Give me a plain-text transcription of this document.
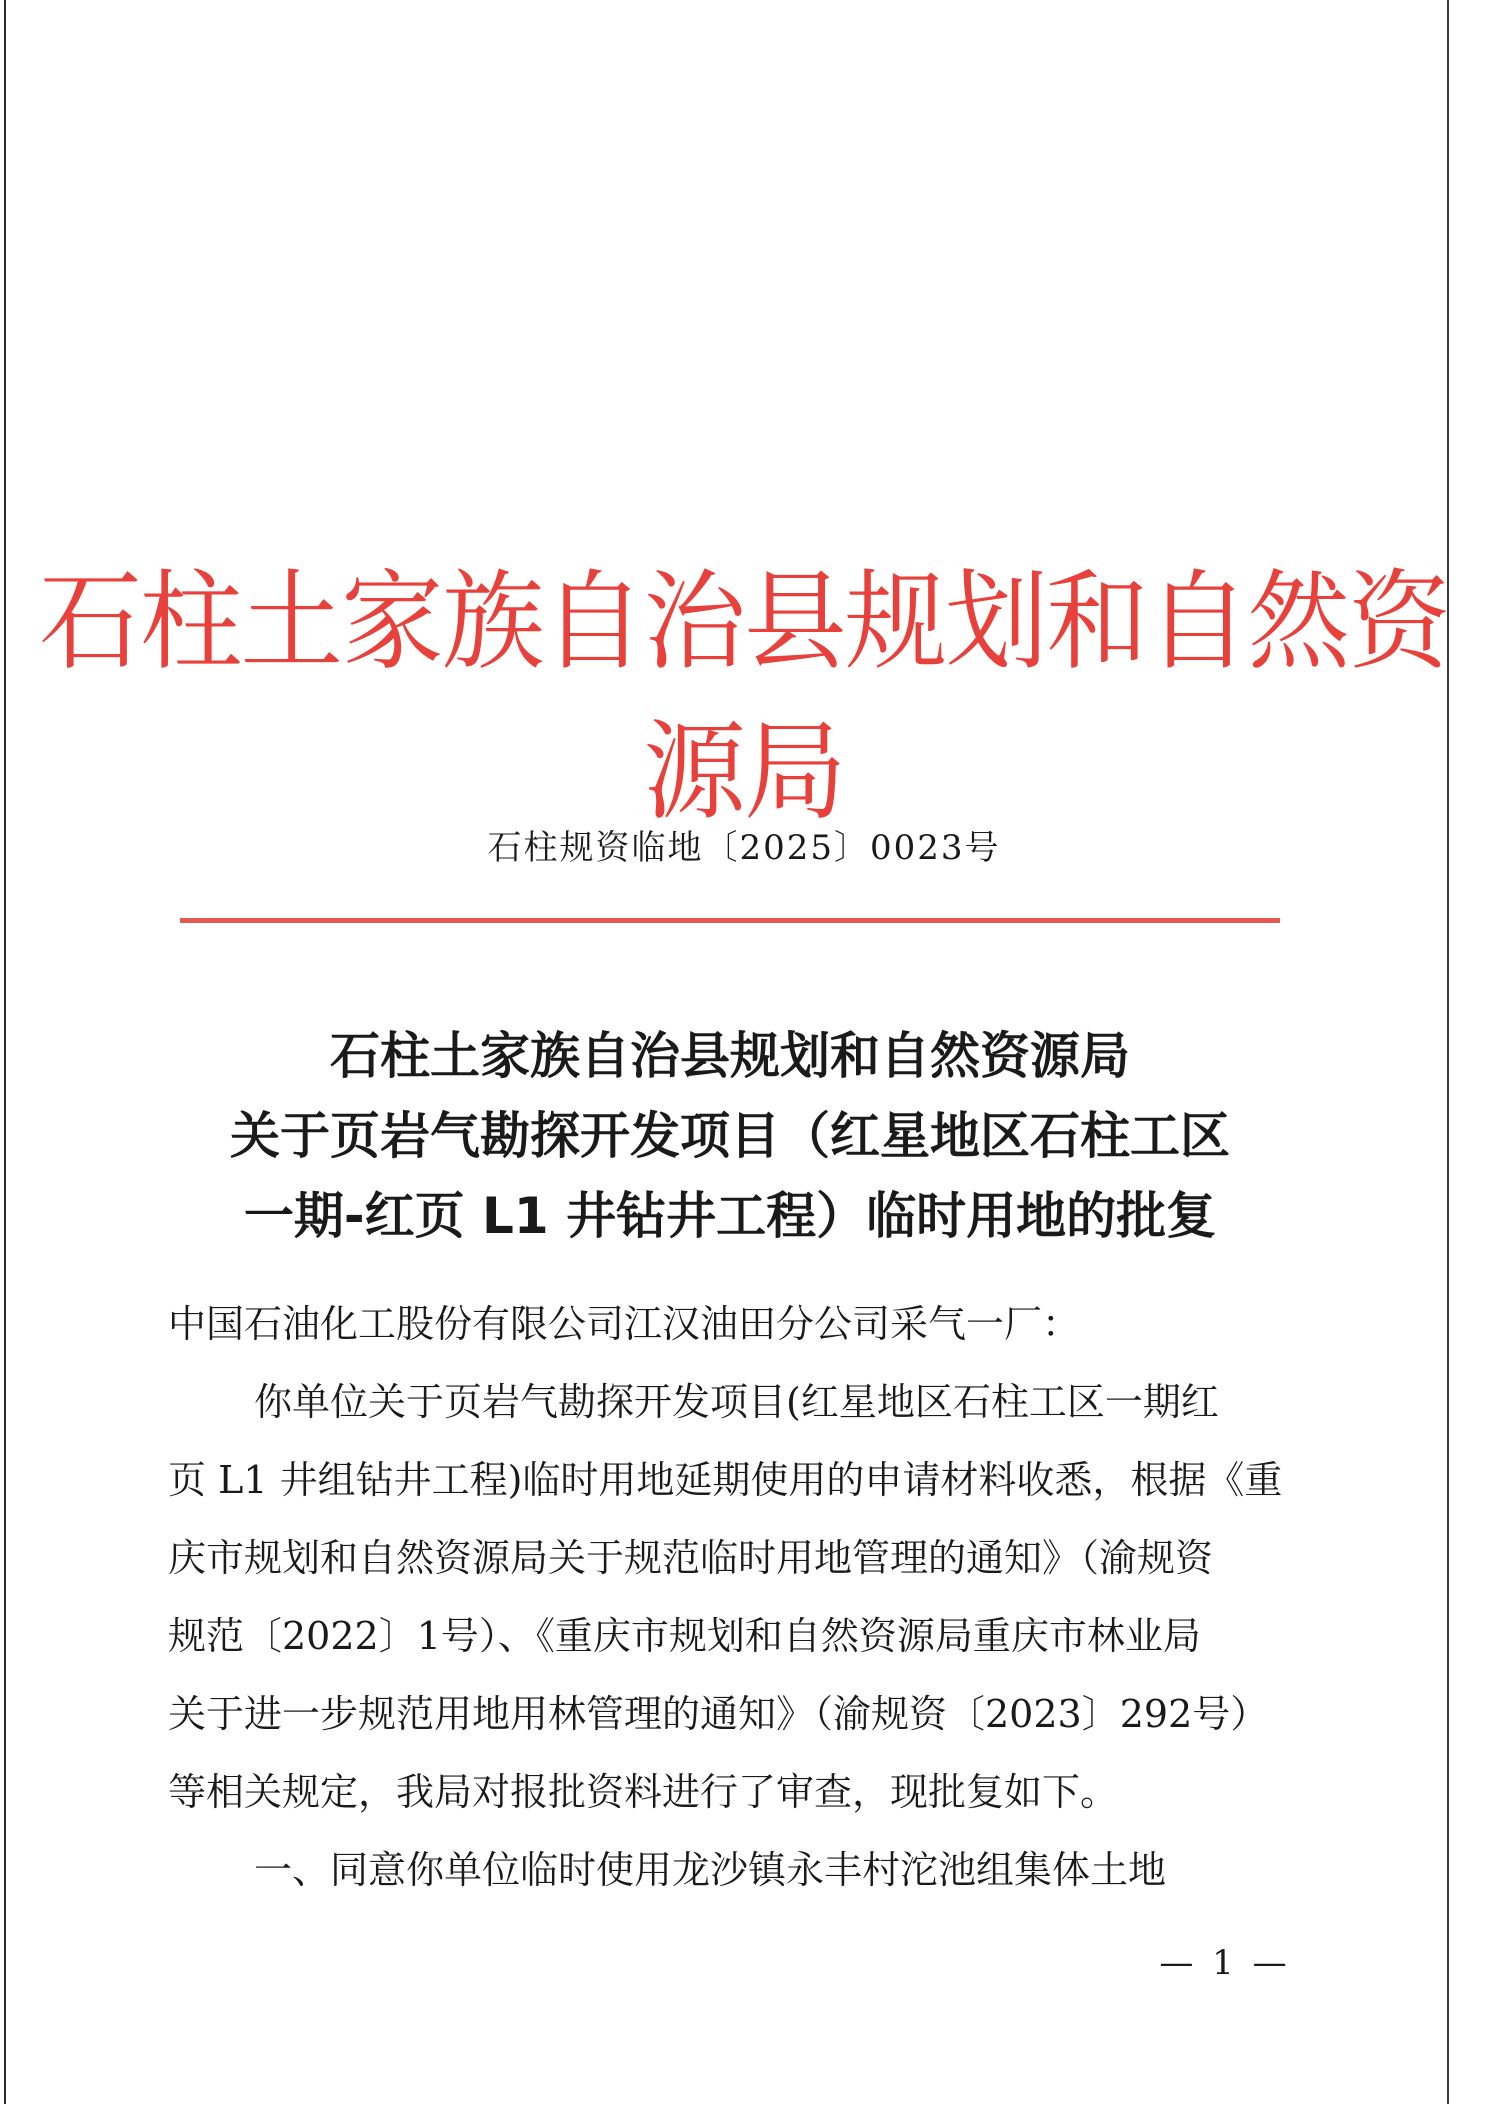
石柱土家族自治县规划和自然资源局
石柱规资临地〔2025〕0023号
石柱土家族自治县规划和自然资源局
关于页岩气勘探开发项目（红星地区石柱工区
一期-红页 L1 井钻井工程）临时用地的批复
中国石油化工股份有限公司江汉油田分公司采气一厂：
你单位关于页岩气勘探开发项目(红星地区石柱工区一期红
页 L1 井组钻井工程)临时用地延期使用的申请材料收悉，根据《重
庆市规划和自然资源局关于规范临时用地管理的通知》（渝规资
规范〔2022〕1号）、《重庆市规划和自然资源局重庆市林业局
关于进一步规范用地用林管理的通知》（渝规资〔2023〕292号）
等相关规定，我局对报批资料进行了审查，现批复如下。
一、同意你单位临时使用龙沙镇永丰村沱池组集体土地
— 1 —
